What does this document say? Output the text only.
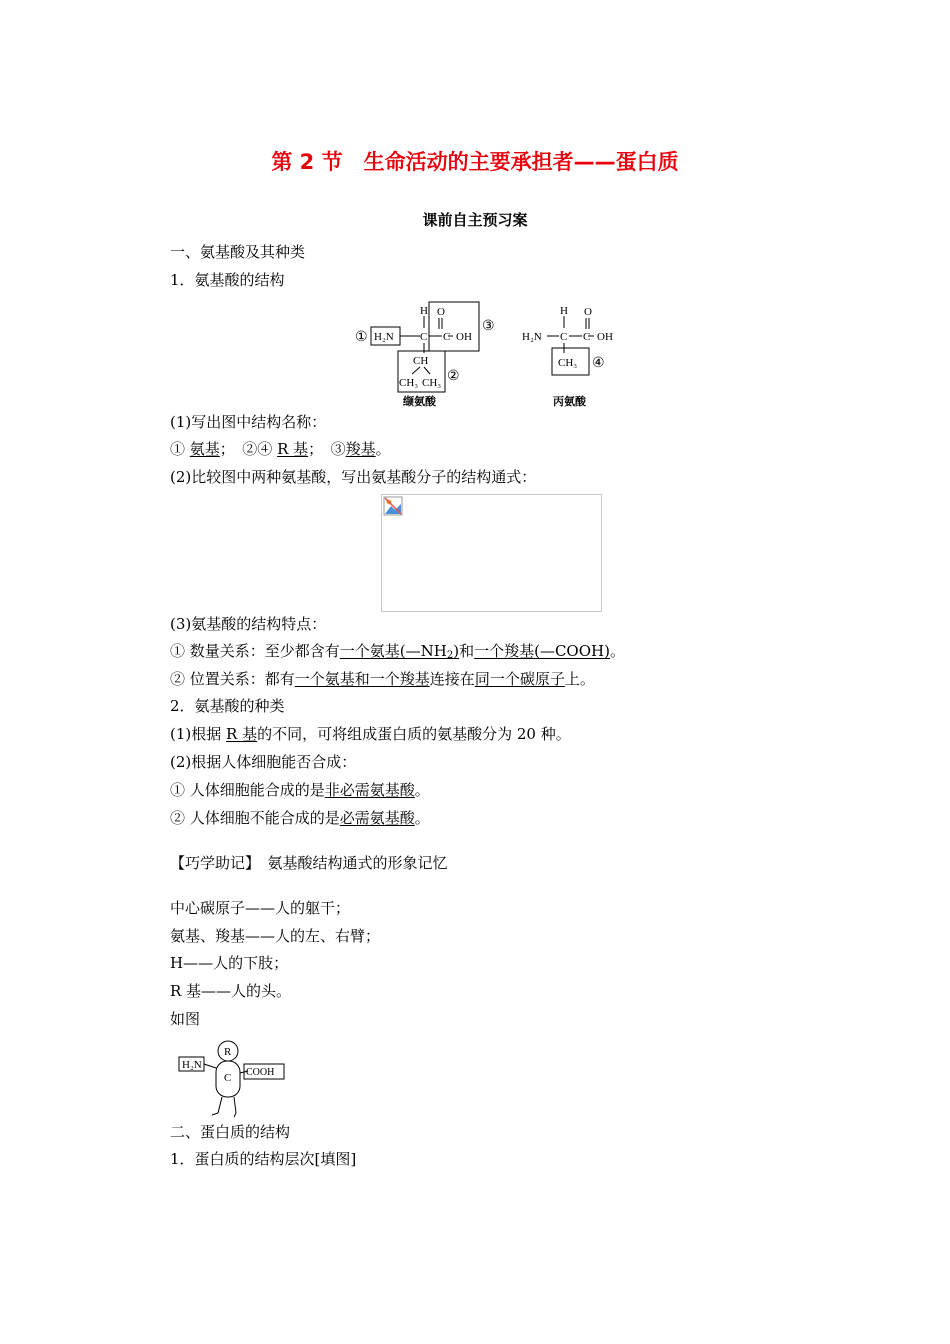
第 2 节　生命活动的主要承担者——蛋白质
课前自主预习案
一、氨基酸及其种类
1．氨基酸的结构
① H₂N
H
C
O
C OH
③
CH
CH₃ CH₃ ②
缬氨酸
H₂N
H
C
O
C OH
CH₃ ④
丙氨酸
(1)写出图中结构名称：
① 氨基；　②④ R 基；　③羧基。
(2)比较图中两种氨基酸，写出氨基酸分子的结构通式：
(3)氨基酸的结构特点：
① 数量关系：至少都含有一个氨基$(—NH_2)$和一个羧基(—COOH)。
② 位置关系：都有一个氨基和一个羧基连接在同一个碳原子上。
2．氨基酸的种类
(1)根据 R 基的不同，可将组成蛋白质的氨基酸分为 20 种。
(2)根据人体细胞能否合成：
① 人体细胞能合成的是非必需氨基酸。
② 人体细胞不能合成的是必需氨基酸。
【巧学助记】　氨基酸结构通式的形象记忆
中心碳原子——人的躯干；
氨基、羧基——人的左、右臂；
H——人的下肢；
R 基——人的头。
如图
R
C
H₂N
COOH
二、蛋白质的结构
1．蛋白质的结构层次[填图]
